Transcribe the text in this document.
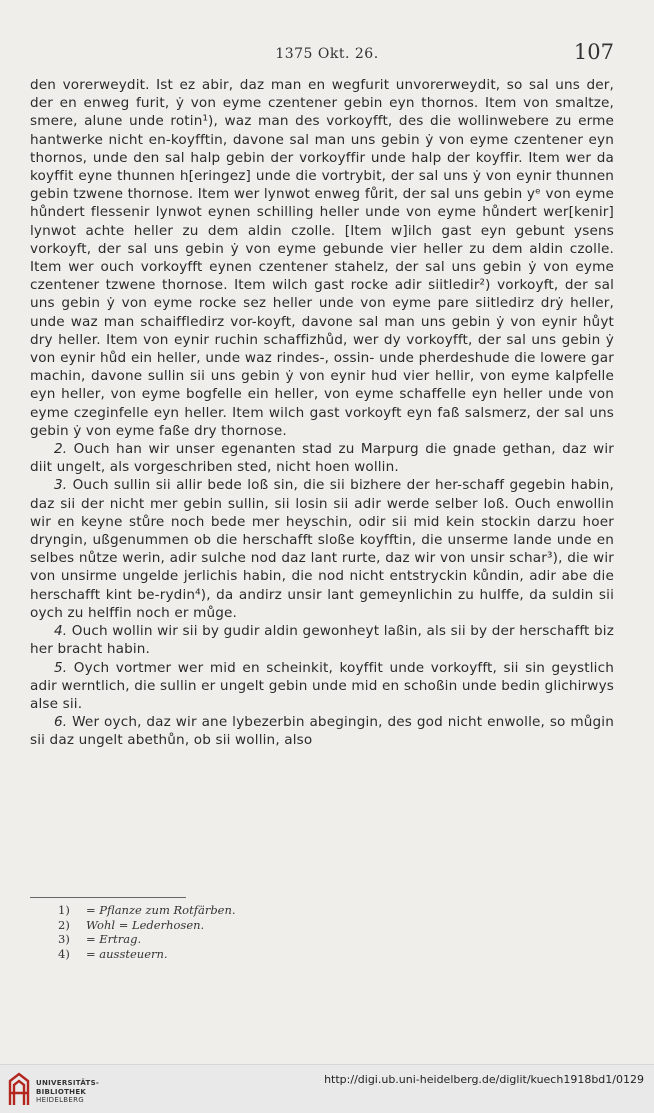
1375 Okt. 26.	107

den vorerweydit. Ist ez abir, daz man en wegfurit unvorerweydit, so sal uns der, der en enweg furit, ẏ von eyme czentener gebin eyn thornos. Item von smaltze, smere, alune unde rotin¹), waz man des vorkoyfft, des die wollinwebere zu erme hantwerke nicht en-koyfftin, davone sal man uns gebin ẏ von eyme czentener eyn thornos, unde den sal halp gebin der vorkoyffir unde halp der koyffir. Item wer da koyffit eyne thunnen h[eringez] unde die vortrybit, der sal uns ẏ von eynir thunnen gebin tzwene thornose. Item wer lynwot enweg fůrit, der sal uns gebin yᵉ von eyme hůndert flessenir lynwot eynen schilling heller unde von eyme hůndert wer[kenir] lynwot achte heller zu dem aldin czolle. [Item w]ilch gast eyn gebunt ysens vorkoyft, der sal uns gebin ẏ von eyme gebunde vier heller zu dem aldin czolle. Item wer ouch vorkoyfft eynen czentener stahelz, der sal uns gebin ẏ von eyme czentener tzwene thornose. Item wilch gast rocke adir siitledir²) vorkoyft, der sal uns gebin ẏ von eyme rocke sez heller unde von eyme pare siitledirz drẏ heller, unde waz man schaiffledirz vor-koyft, davone sal man uns gebin ẏ von eynir hůyt dry heller. Item von eynir ruchin schaffizhůd, wer dy vorkoyfft, der sal uns gebin ẏ von eynir hůd ein heller, unde waz rindes-, ossin- unde pherdeshude die lowere gar machin, davone sullin sii uns gebin ẏ von eynir hud vier hellir, von eyme kalpfelle eyn heller, von eyme bogfelle ein heller, von eyme schaffelle eyn heller unde von eyme czeginfelle eyn heller. Item wilch gast vorkoyft eyn faß salsmerz, der sal uns gebin ẏ von eyme faße dry thornose.

2. Ouch han wir unser egenanten stad zu Marpurg die gnade gethan, daz wir diit ungelt, als vorgeschriben sted, nicht hoen wollin.

3. Ouch sullin sii allir bede loß sin, die sii bizhere der her-schaff gegebin habin, daz sii der nicht mer gebin sullin, sii losin sii adir werde selber loß. Ouch enwollin wir en keyne stůre noch bede mer heyschin, odir sii mid kein stockin darzu hoer dryngin, ußgenummen ob die herschafft sloße koyfftin, die unserme lande unde en selbes nůtze werin, adir sulche nod daz lant rurte, daz wir von unsir schar³), die wir von unsirme ungelde jerlichis habin, die nod nicht entstryckin kůndin, adir abe die herschafft kint be-rydin⁴), da andirz unsir lant gemeynlichin zu hulffe, da suldin sii oych zu helffin noch er můge.

4. Ouch wollin wir sii by gudir aldin gewonheyt laßin, als sii by der herschafft biz her bracht habin.

5. Oych vortmer wer mid en scheinkit, koyffit unde vorkoyfft, sii sin geystlich adir werntlich, die sullin er ungelt gebin unde mid en schoßin unde bedin glichirwys alse sii.

6. Wer oych, daz wir ane lybezerbin abegingin, des god nicht enwolle, so můgin sii daz ungelt abethůn, ob sii wollin, also

1) = Pflanze zum Rotfärben.
2) Wohl = Lederhosen.
3) = Ertrag.
4) = aussteuern.
UNIVERSITÄTS-
BIBLIOTHEK
HEIDELBERG
http://digi.ub.uni-heidelberg.de/diglit/kuech1918bd1/0129
